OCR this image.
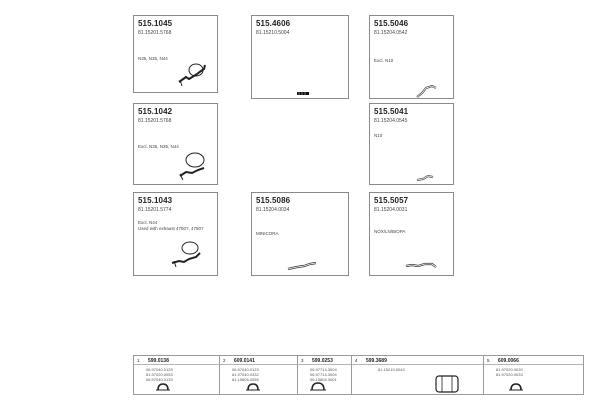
515.1045
81.15201.5768
N35, N35, N44
515.4606
81.15210.5004
515.5046
81.15204.0542
Excl. N10
515.1042
81.15201.5768
Excl. N35, N35, N44
515.5041
81.15204.0545
N10
515.1043
81.15201.5774
Excl. N44
Used with exhaust 4750?, 4750?
515.5086
81.15204.0034
MINICORA
515.5057
81.15204.0031
NOX/LN/BIOPA
1 599.0138
06.97040.0125
81.97020.0053
06.97040.0133
2 609.0141
06.97040.0123
81.97040.0332
81.15805.0055
3 599.0253
06.97714.3004
06.97714.3004
06.15804.3001
4 599.3689
81.15210.0043
5 609.0066
81.97020.0020
81.97020.0033
